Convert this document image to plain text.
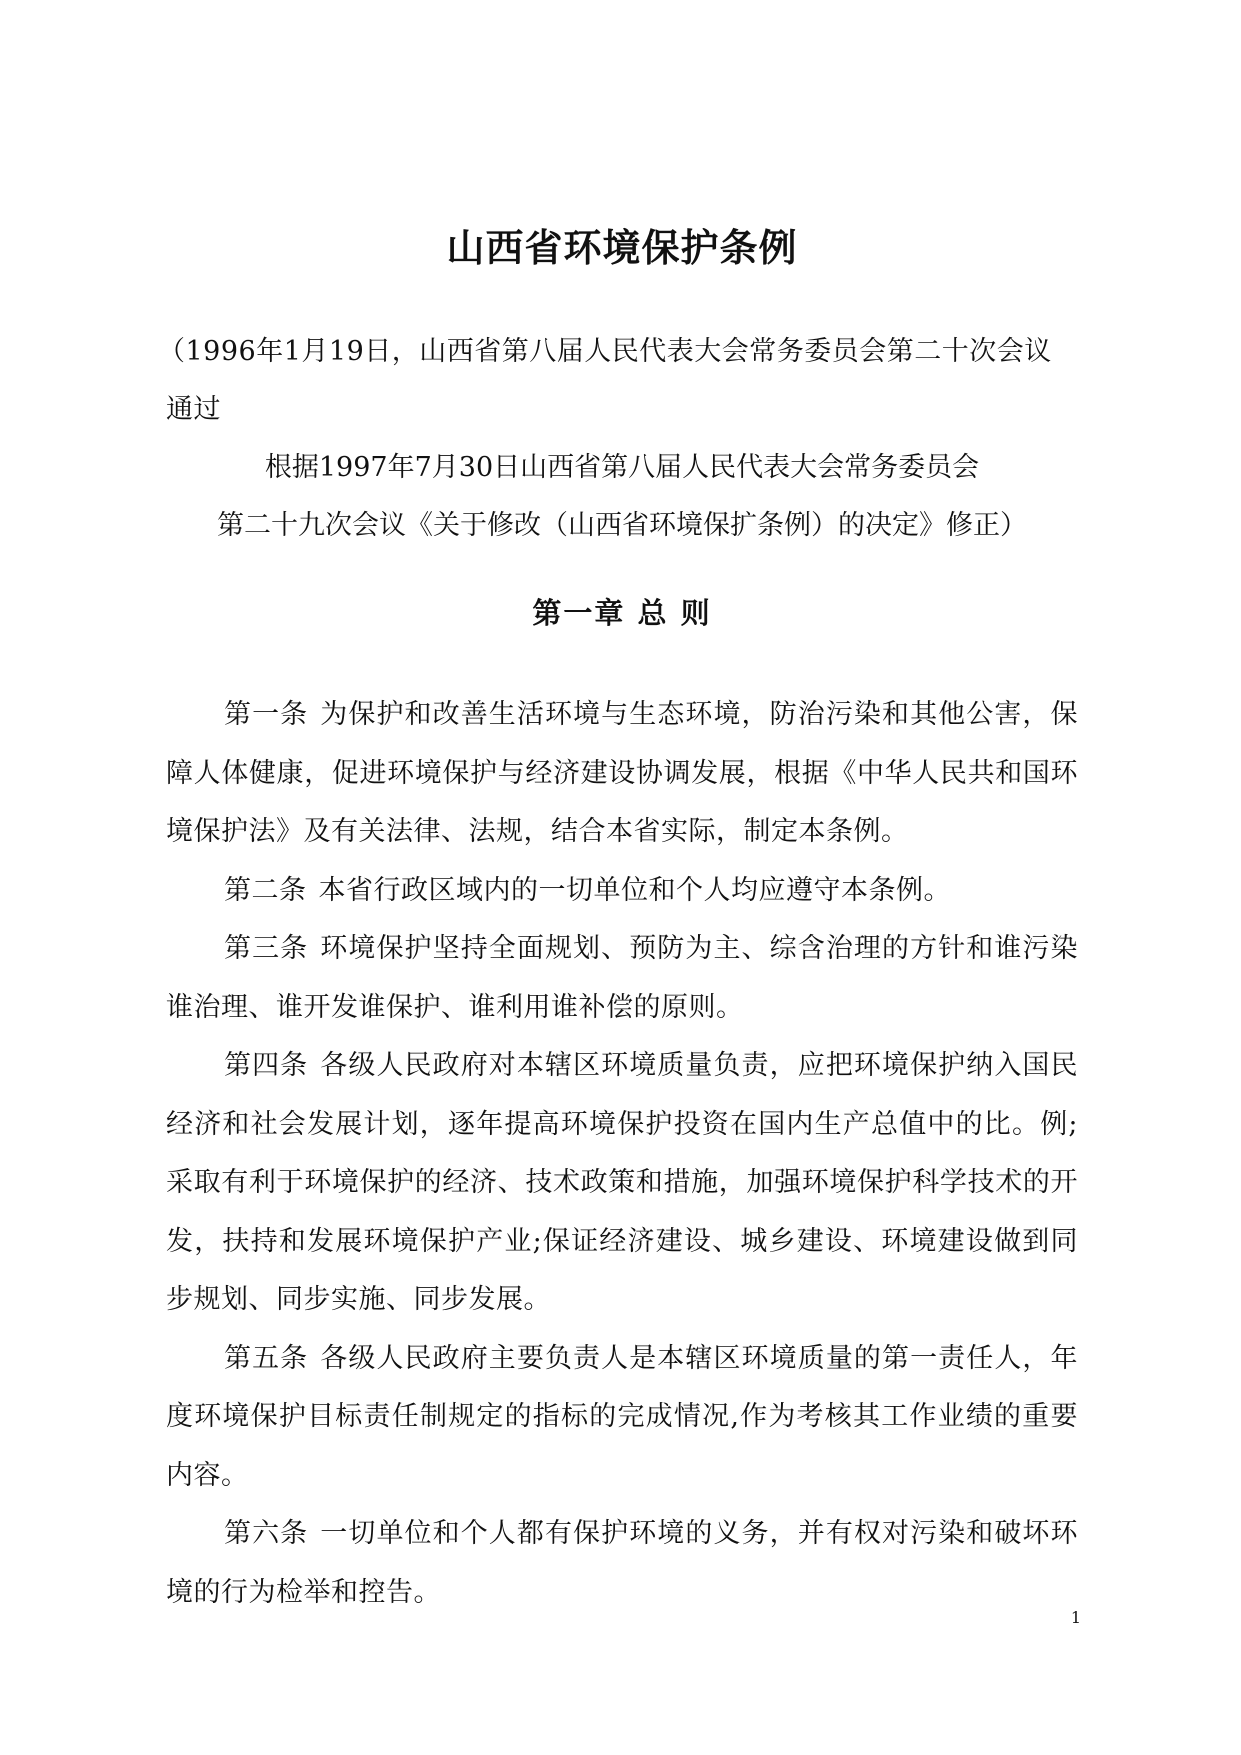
山西省环境保护条例

（1996年1月19日，山西省第八届人民代表大会常务委员会第二十次会议通过

根据1997年7月30日山西省第八届人民代表大会常务委员会

第二十九次会议《关于修改（山西省环境保扩条例）的决定》修正）

第一章 总 则

第一条 为保护和改善生活环境与生态环境，防治污染和其他公害，保障人体健康，促进环境保护与经济建设协调发展，根据《中华人民共和国环境保护法》及有关法律、法规，结合本省实际，制定本条例。

第二条 本省行政区域内的一切单位和个人均应遵守本条例。

第三条 环境保护坚持全面规划、预防为主、综含治理的方针和谁污染谁治理、谁开发谁保护、谁利用谁补偿的原则。

第四条 各级人民政府对本辖区环境质量负责，应把环境保护纳入国民经济和社会发展计划，逐年提高环境保护投资在国内生产总值中的比。例;采取有利于环境保护的经济、技术政策和措施，加强环境保护科学技术的开发，扶持和发展环境保护产业;保证经济建设、城乡建设、环境建设做到同步规划、同步实施、同步发展。

第五条 各级人民政府主要负责人是本辖区环境质量的第一责任人，年度环境保护目标责任制规定的指标的完成情况,作为考核其工作业绩的重要内容。

第六条 一切单位和个人都有保护环境的义务，并有权对污染和破坏环境的行为检举和控告。

1
